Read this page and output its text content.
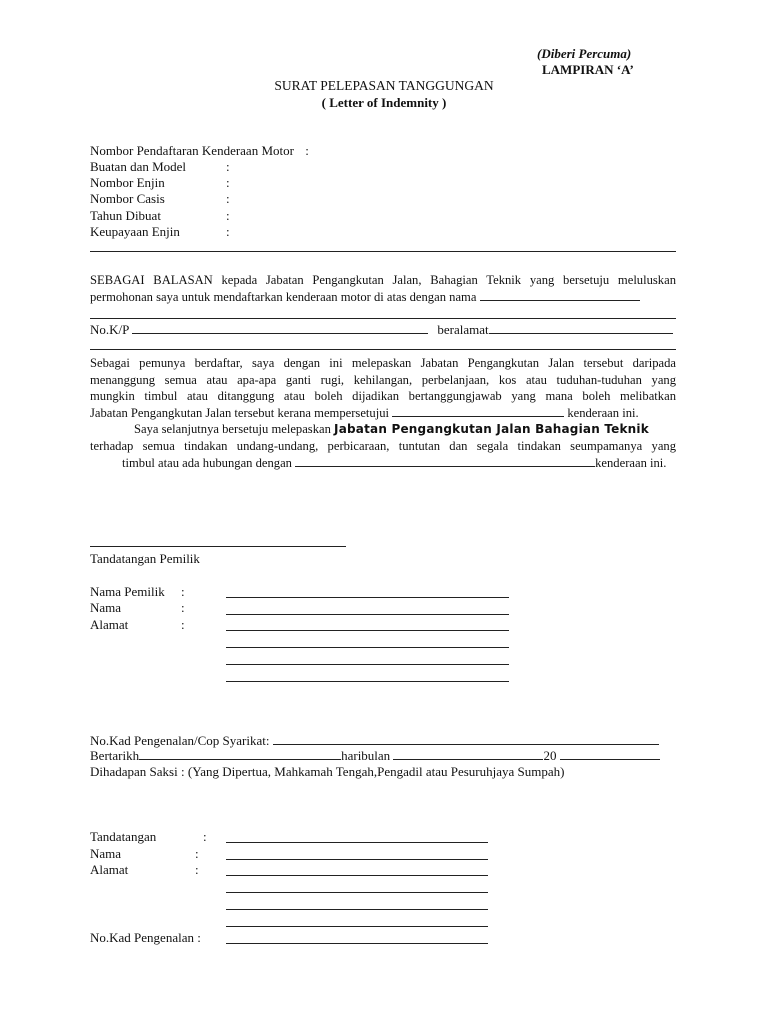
(Diberi Percuma)
LAMPIRAN ‘A’
SURAT PELEPASAN TANGGUNGAN
( Letter of Indemnity )
Nombor Pendaftaran Kenderaan Motor :
Buatan dan Model	:
Nombor Enjin	:
Nombor Casis	:
Tahun Dibuat	:
Keupayaan Enjin	:
SEBAGAI BALASAN kepada Jabatan Pengangkutan Jalan, Bahagian Teknik yang bersetuju meluluskan
permohonan saya untuk mendaftarkan kenderaan motor di atas dengan nama
No.K/P	beralamat
Sebagai pemunya berdaftar, saya dengan ini melepaskan Jabatan Pengangkutan Jalan tersebut daripada
menanggung semua atau apa-apa ganti rugi, kehilangan, perbelanjaan, kos atau tuduhan-tuduhan yang
mungkin timbul atau ditanggung atau boleh dijadikan bertanggungjawab yang mana boleh melibatkan
Jabatan Pengangkutan Jalan tersebut kerana mempersetujui	kenderaan ini.
Saya selanjutnya bersetuju melepaskan Jabatan Pengangkutan Jalan Bahagian Teknik
terhadap semua tindakan undang-undang, perbicaraan, tuntutan dan segala tindakan seumpamanya yang
timbul atau ada hubungan dengan	kenderaan ini.
Tandatangan Pemilik
Nama Pemilik :
Nama	:
Alamat	:
No.Kad Pengenalan/Cop Syarikat:
Bertarikh	haribulan	20
Dihadapan Saksi : (Yang Dipertua, Mahkamah Tengah,Pengadil atau Pesuruhjaya Sumpah)
Tandatangan	:
Nama	:
Alamat	:
No.Kad Pengenalan :
